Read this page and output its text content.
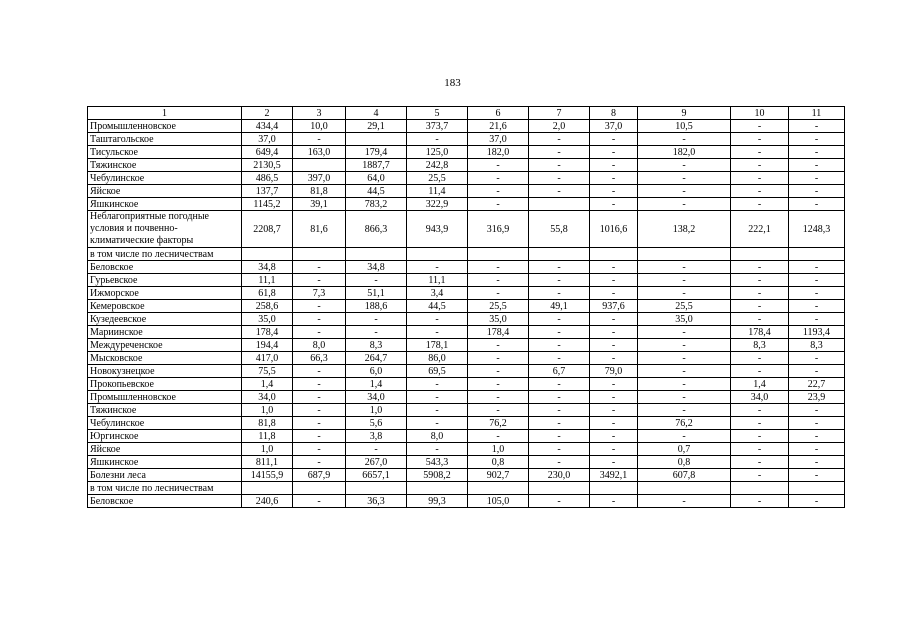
183
1	2	3	4	5	6	7	8	9	10	11
Промышленновское	434,4	10,0	29,1	373,7	21,6	2,0	37,0	10,5	-	-
Таштагольское	37,0	-		-	37,0	-	-	-	-	-
Тисульское	649,4	163,0	179,4	125,0	182,0	-	-	182,0	-	-
Тяжинское	2130,5		1887,7	242,8	-	-	-	-	-	-
Чебулинское	486,5	397,0	64,0	25,5	-	-	-	-	-	-
Яйское	137,7	81,8	44,5	11,4	-	-	-	-	-	-
Яшкинское	1145,2	39,1	783,2	322,9	-		-	-	-	-
Неблагоприятные погодные условия и почвенно-климатические факторы	2208,7	81,6	866,3	943,9	316,9	55,8	1016,6	138,2	222,1	1248,3
в том числе по лесничествам										
Беловское	34,8	-	34,8	-	-	-	-	-	-	-
Гурьевское	11,1	-	-	11,1	-	-	-	-	-	-
Ижморское	61,8	7,3	51,1	3,4	-	-	-	-	-	-
Кемеровское	258,6	-	188,6	44,5	25,5	49,1	937,6	25,5	-	-
Кузедеевское	35,0	-	-	-	35,0	-	-	35,0	-	-
Мариинское	178,4	-	-	-	178,4	-	-	-	178,4	1193,4
Междуреченское	194,4	8,0	8,3	178,1	-	-	-	-	8,3	8,3
Мысковское	417,0	66,3	264,7	86,0	-	-	-	-	-	-
Новокузнецкое	75,5	-	6,0	69,5	-	6,7	79,0	-	-	-
Прокопьевское	1,4	-	1,4	-	-	-	-	-	1,4	22,7
Промышленновское	34,0	-	34,0	-	-	-	-	-	34,0	23,9
Тяжинское	1,0	-	1,0	-	-	-	-	-	-	-
Чебулинское	81,8	-	5,6	-	76,2	-	-	76,2	-	-
Юргинское	11,8	-	3,8	8,0	-	-	-	-	-	-
Яйское	1,0	-	-	-	1,0	-	-	0,7	-	-
Яшкинское	811,1	-	267,0	543,3	0,8	-	-	0,8	-	-
Болезни леса	14155,9	687,9	6657,1	5908,2	902,7	230,0	3492,1	607,8	-	-
в том числе по лесничествам										
Беловское	240,6	-	36,3	99,3	105,0	-	-	-	-	-
